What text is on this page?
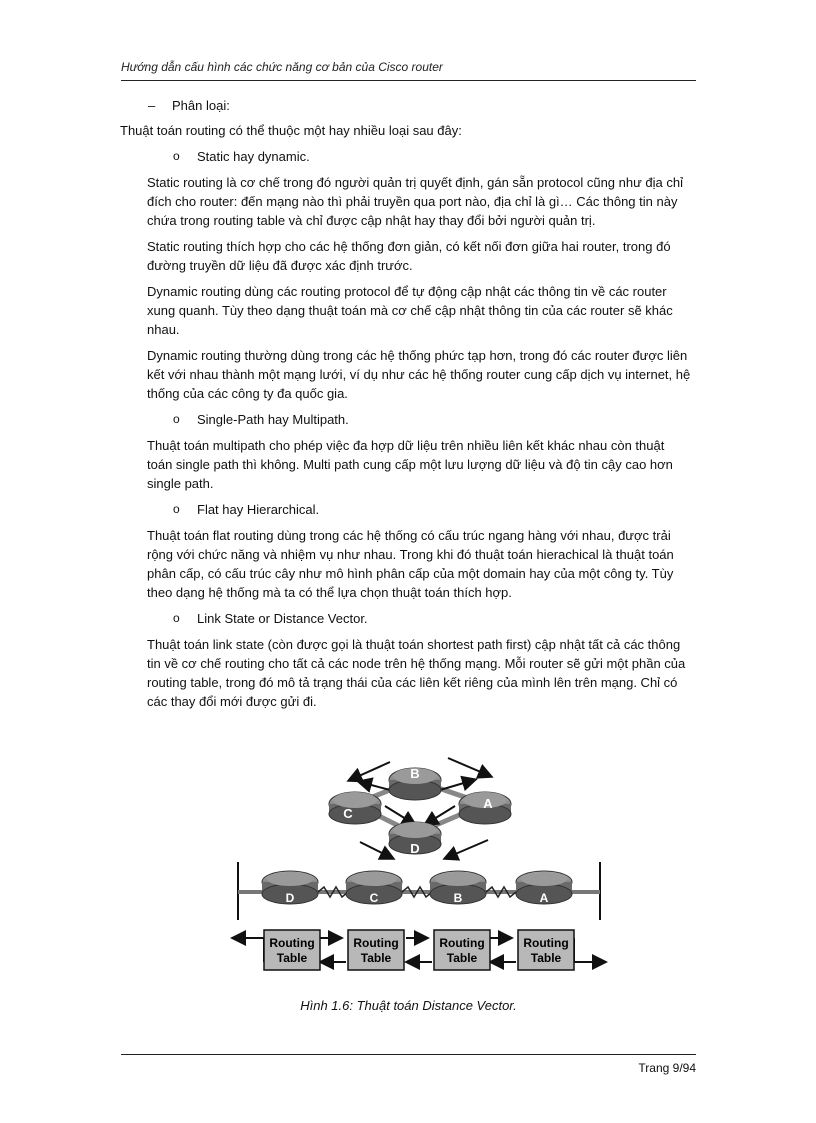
Hướng dẫn cấu hình các chức năng cơ bản của Cisco router
– Phân loại:

Thuật toán routing có thể thuộc một hay nhiều loại sau đây:

o Static hay dynamic.

Static routing là cơ chế trong đó người quản trị quyết định, gán sẵn protocol cũng như địa chỉ đích cho router: đến mạng nào thì phải truyền qua port nào, địa chỉ là gì… Các thông tin này chứa trong routing table và chỉ được cập nhật hay thay đổi bởi người quản trị.

Static routing thích hợp cho các hệ thống đơn giản, có kết nối đơn giữa hai router, trong đó đường truyền dữ liệu đã được xác định trước.

Dynamic routing dùng các routing protocol để tự động cập nhật các thông tin về các router xung quanh. Tùy theo dạng thuật toán mà cơ chế cập nhật thông tin của các router sẽ khác nhau.

Dynamic routing thường dùng trong các hệ thống phức tạp hơn, trong đó các router được liên kết với nhau thành một mạng lưới, ví dụ như các hệ thống router cung cấp dịch vụ internet, hệ thống của các công ty đa quốc gia.

o Single-Path hay Multipath.

Thuật toán multipath cho phép việc đa hợp dữ liệu trên nhiều liên kết khác nhau còn thuật toán single path thì không. Multi path cung cấp một lưu lượng dữ liệu và độ tin cậy cao hơn single path.

o Flat hay Hierarchical.

Thuật toán flat routing dùng trong các hệ thống có cấu trúc ngang hàng với nhau, được trải rộng với chức năng và nhiệm vụ như nhau. Trong khi đó thuật toán hierachical là thuật toán phân cấp, có cấu trúc cây như mô hình phân cấp của một domain hay của một công ty. Tùy theo dạng hệ thống mà ta có thể lựa chọn thuật toán thích hợp.

o Link State or Distance Vector.

Thuật toán link state (còn được gọi là thuật toán shortest path first) cập nhật tất cả các thông tin về cơ chế routing cho tất cả các node trên hệ thống mạng. Mỗi router sẽ gửi một phần của routing table, trong đó mô tả trạng thái của các liên kết riêng của mình lên trên mạng. Chỉ có các thay đổi mới được gửi đi.

B
A
C
D
D	C	B	A
Routing
Table
Routing
Table
Routing
Table
Routing
Table
Hình 1.6: Thuật toán Distance Vector.
Trang 9/94
